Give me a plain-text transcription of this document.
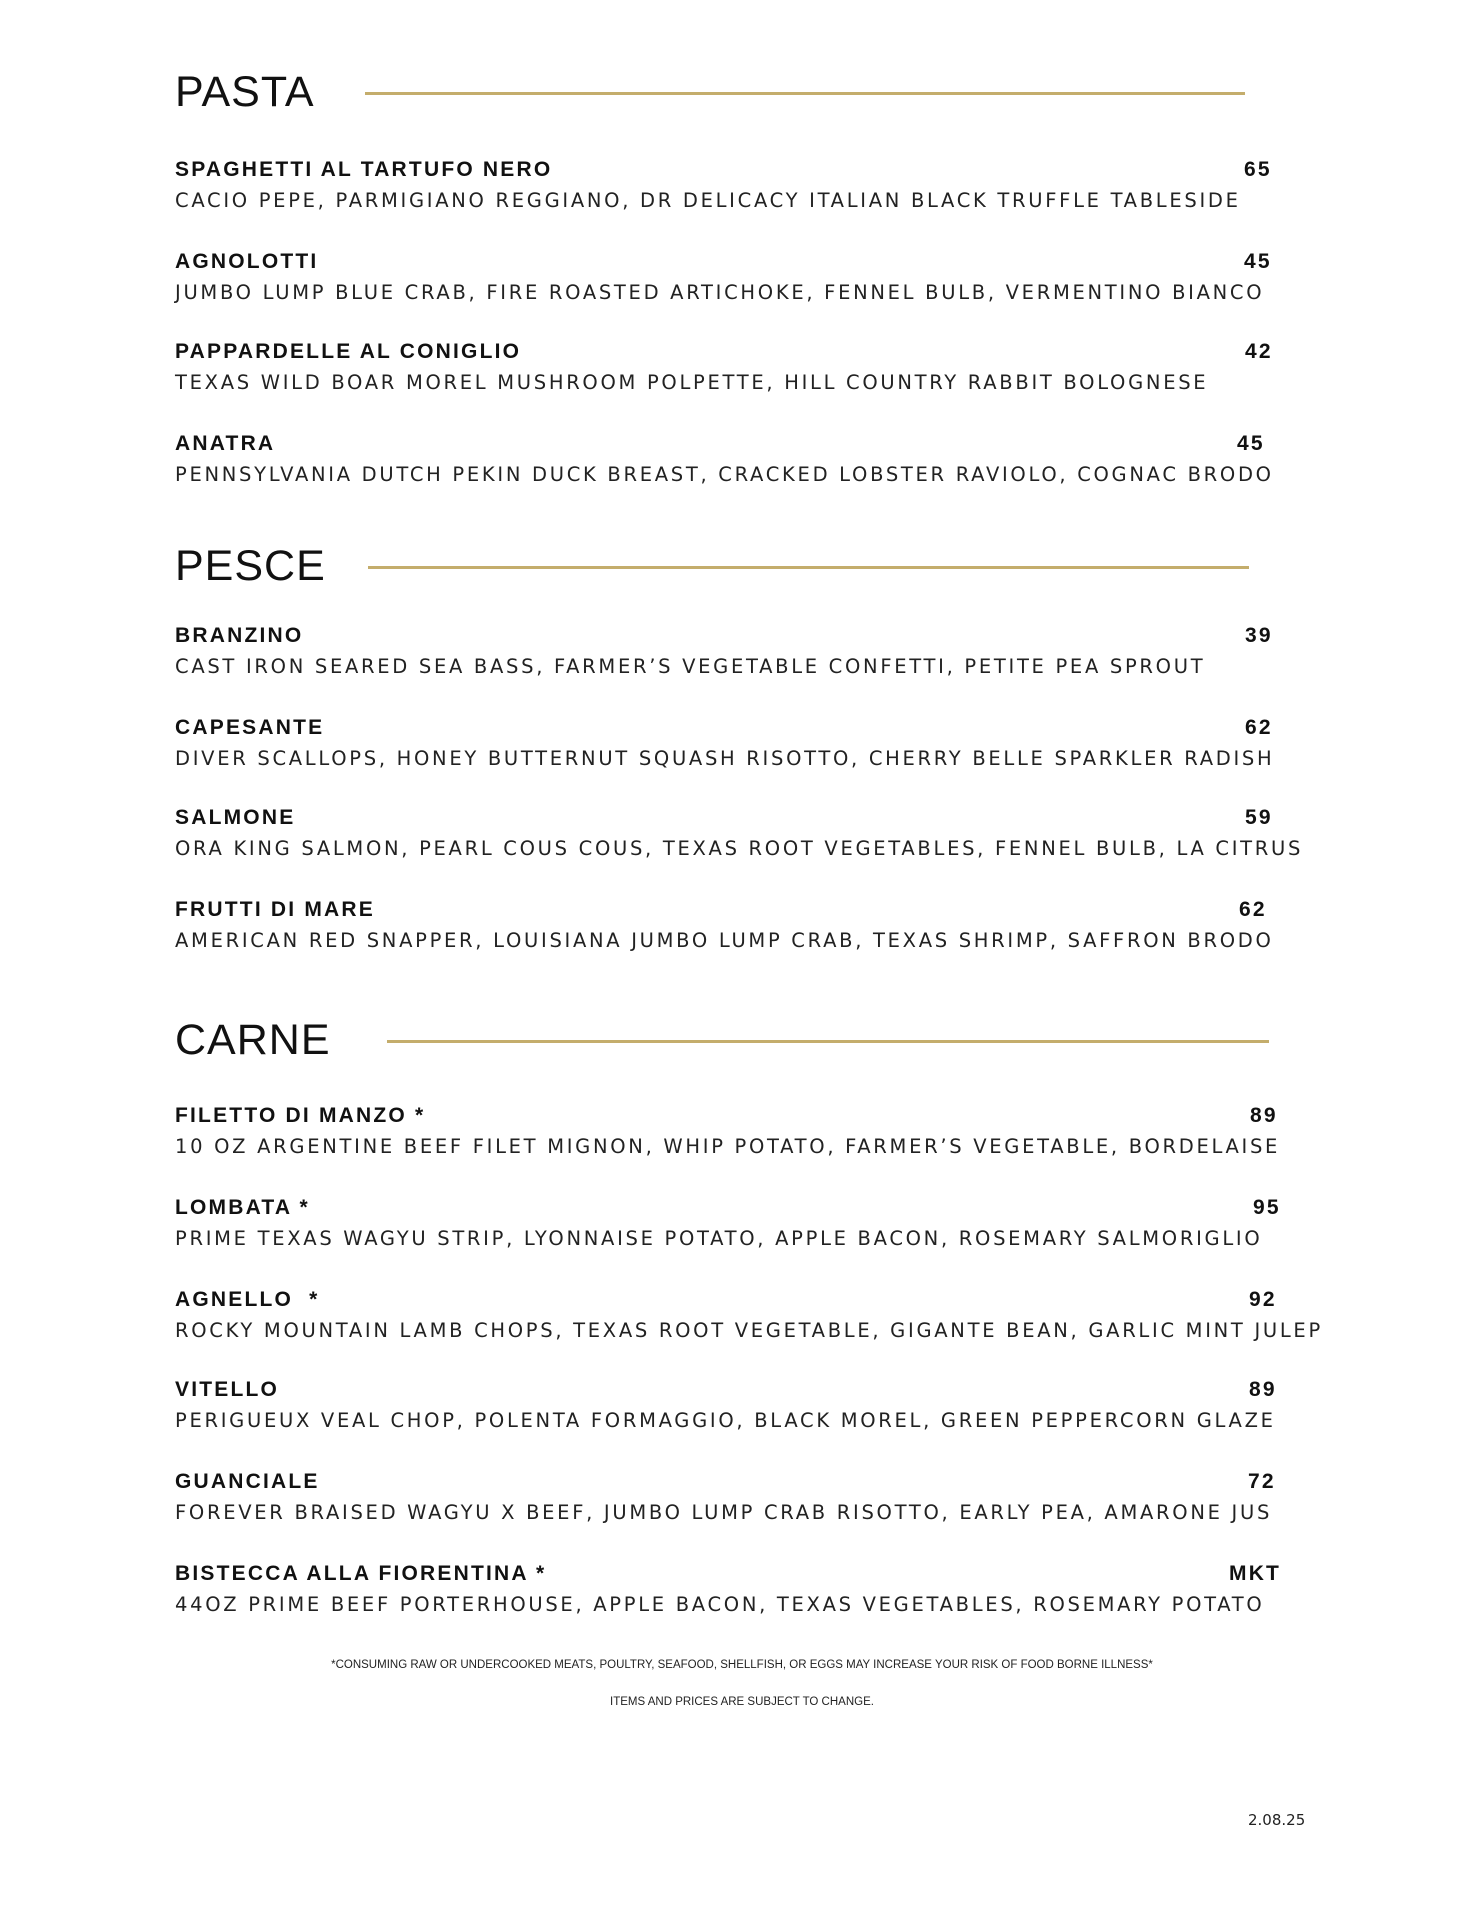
PASTA
SPAGHETTI AL TARTUFO NERO	65
CACIO PEPE, PARMIGIANO REGGIANO, DR DELICACY ITALIAN BLACK TRUFFLE TABLESIDE
AGNOLOTTI	45
JUMBO LUMP BLUE CRAB, FIRE ROASTED ARTICHOKE, FENNEL BULB, VERMENTINO BIANCO
PAPPARDELLE AL CONIGLIO	42
TEXAS WILD BOAR MOREL MUSHROOM POLPETTE, HILL COUNTRY RABBIT BOLOGNESE
ANATRA	45
PENNSYLVANIA DUTCH PEKIN DUCK BREAST, CRACKED LOBSTER RAVIOLO, COGNAC BRODO
PESCE
BRANZINO	39
CAST IRON SEARED SEA BASS, FARMER’S VEGETABLE CONFETTI, PETITE PEA SPROUT
CAPESANTE	62
DIVER SCALLOPS, HONEY BUTTERNUT SQUASH RISOTTO, CHERRY BELLE SPARKLER RADISH
SALMONE	59
ORA KING SALMON, PEARL COUS COUS, TEXAS ROOT VEGETABLES, FENNEL BULB, LA CITRUS
FRUTTI DI MARE	62
AMERICAN RED SNAPPER, LOUISIANA JUMBO LUMP CRAB, TEXAS SHRIMP, SAFFRON BRODO
CARNE
FILETTO DI MANZO *	89
10 OZ ARGENTINE BEEF FILET MIGNON, WHIP POTATO, FARMER’S VEGETABLE, BORDELAISE
LOMBATA *	95
PRIME TEXAS WAGYU STRIP, LYONNAISE POTATO, APPLE BACON, ROSEMARY SALMORIGLIO
AGNELLO  *	92
ROCKY MOUNTAIN LAMB CHOPS, TEXAS ROOT VEGETABLE, GIGANTE BEAN, GARLIC MINT JULEP
VITELLO	89
PERIGUEUX VEAL CHOP, POLENTA FORMAGGIO, BLACK MOREL, GREEN PEPPERCORN GLAZE
GUANCIALE	72
FOREVER BRAISED WAGYU X BEEF, JUMBO LUMP CRAB RISOTTO, EARLY PEA, AMARONE JUS
BISTECCA ALLA FIORENTINA *	MKT
44OZ PRIME BEEF PORTERHOUSE, APPLE BACON, TEXAS VEGETABLES, ROSEMARY POTATO
*CONSUMING RAW OR UNDERCOOKED MEATS, POULTRY, SEAFOOD, SHELLFISH, OR EGGS MAY INCREASE YOUR RISK OF FOOD BORNE ILLNESS*
ITEMS AND PRICES ARE SUBJECT TO CHANGE.
2.08.25
